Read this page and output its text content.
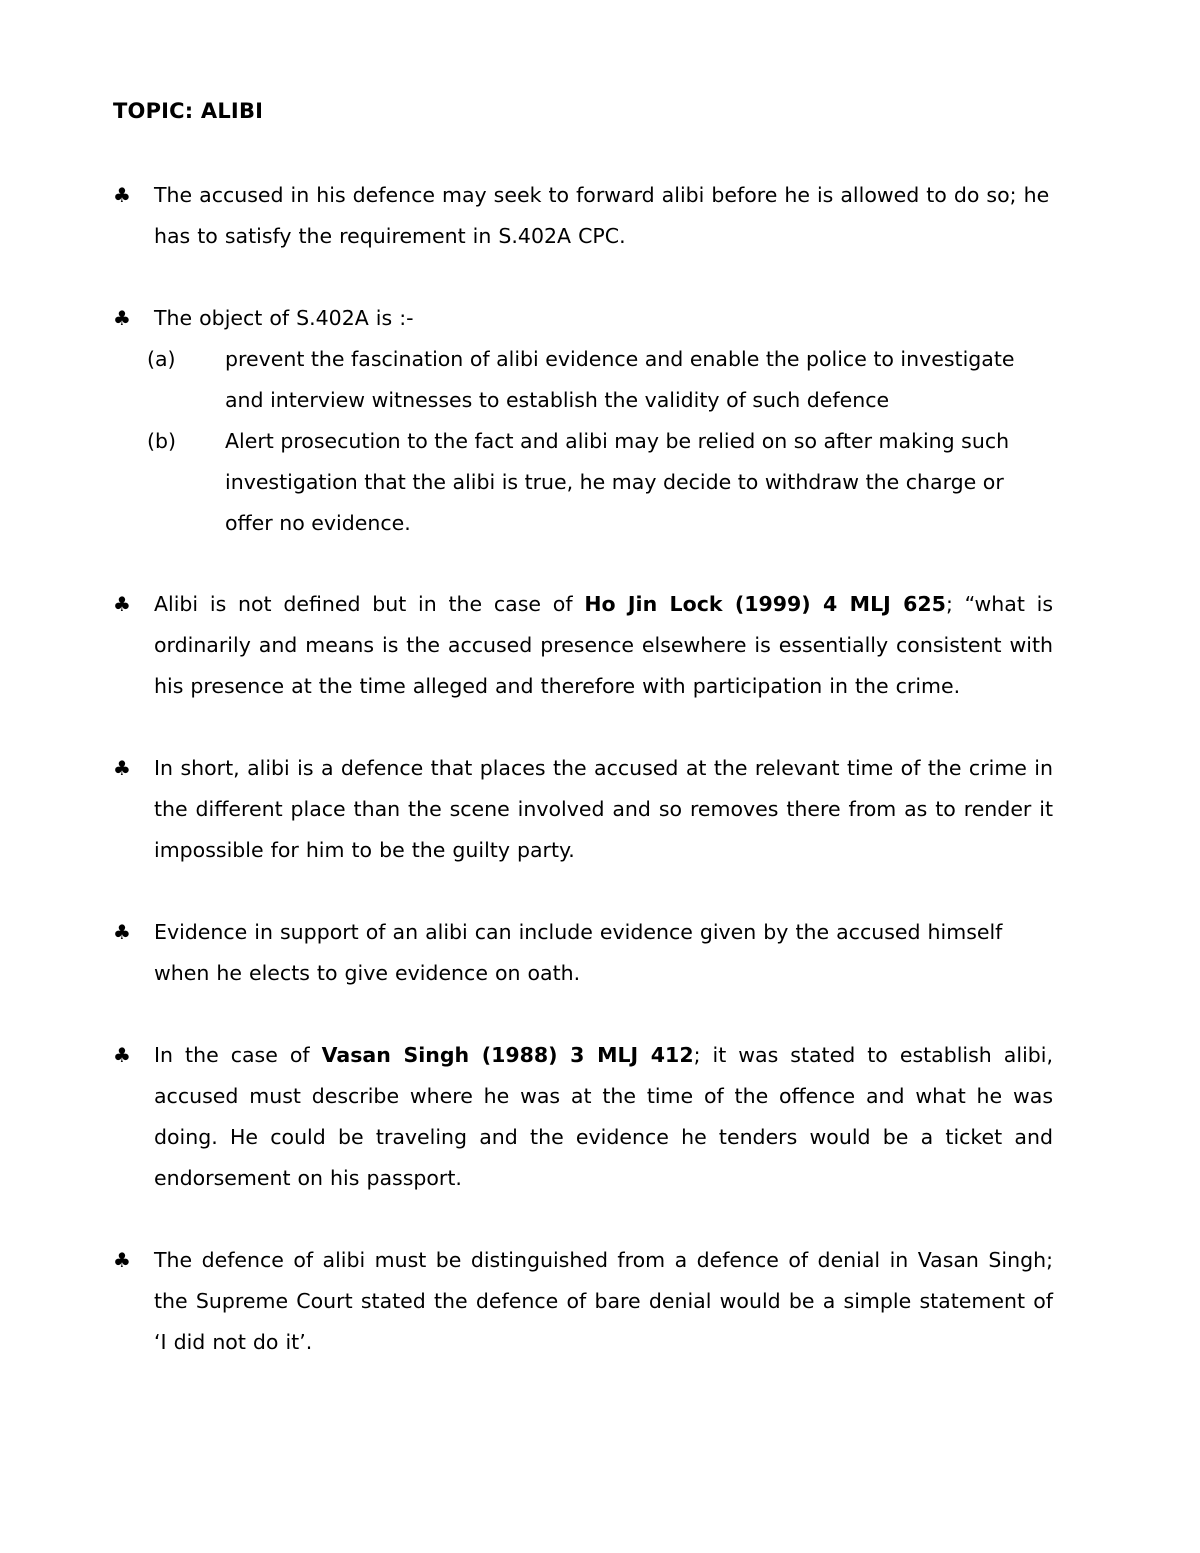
TOPIC: ALIBI
♣ The accused in his defence may seek to forward alibi before he is allowed to do so; he has to satisfy the requirement in S.402A CPC.
♣ The object of S.402A is :-
(a) prevent the fascination of alibi evidence and enable the police to investigate and interview witnesses to establish the validity of such defence
(b) Alert prosecution to the fact and alibi may be relied on so after making such investigation that the alibi is true, he may decide to withdraw the charge or offer no evidence.
♣ Alibi is not defined but in the case of Ho Jin Lock (1999) 4 MLJ 625; “what is ordinarily and means is the accused presence elsewhere is essentially consistent with his presence at the time alleged and therefore with participation in the crime.
♣ In short, alibi is a defence that places the accused at the relevant time of the crime in the different place than the scene involved and so removes there from as to render it impossible for him to be the guilty party.
♣ Evidence in support of an alibi can include evidence given by the accused himself when he elects to give evidence on oath.
♣ In the case of Vasan Singh (1988) 3 MLJ 412; it was stated to establish alibi, accused must describe where he was at the time of the offence and what he was doing. He could be traveling and the evidence he tenders would be a ticket and endorsement on his passport.
♣ The defence of alibi must be distinguished from a defence of denial in Vasan Singh; the Supreme Court stated the defence of bare denial would be a simple statement of ‘I did not do it’.
